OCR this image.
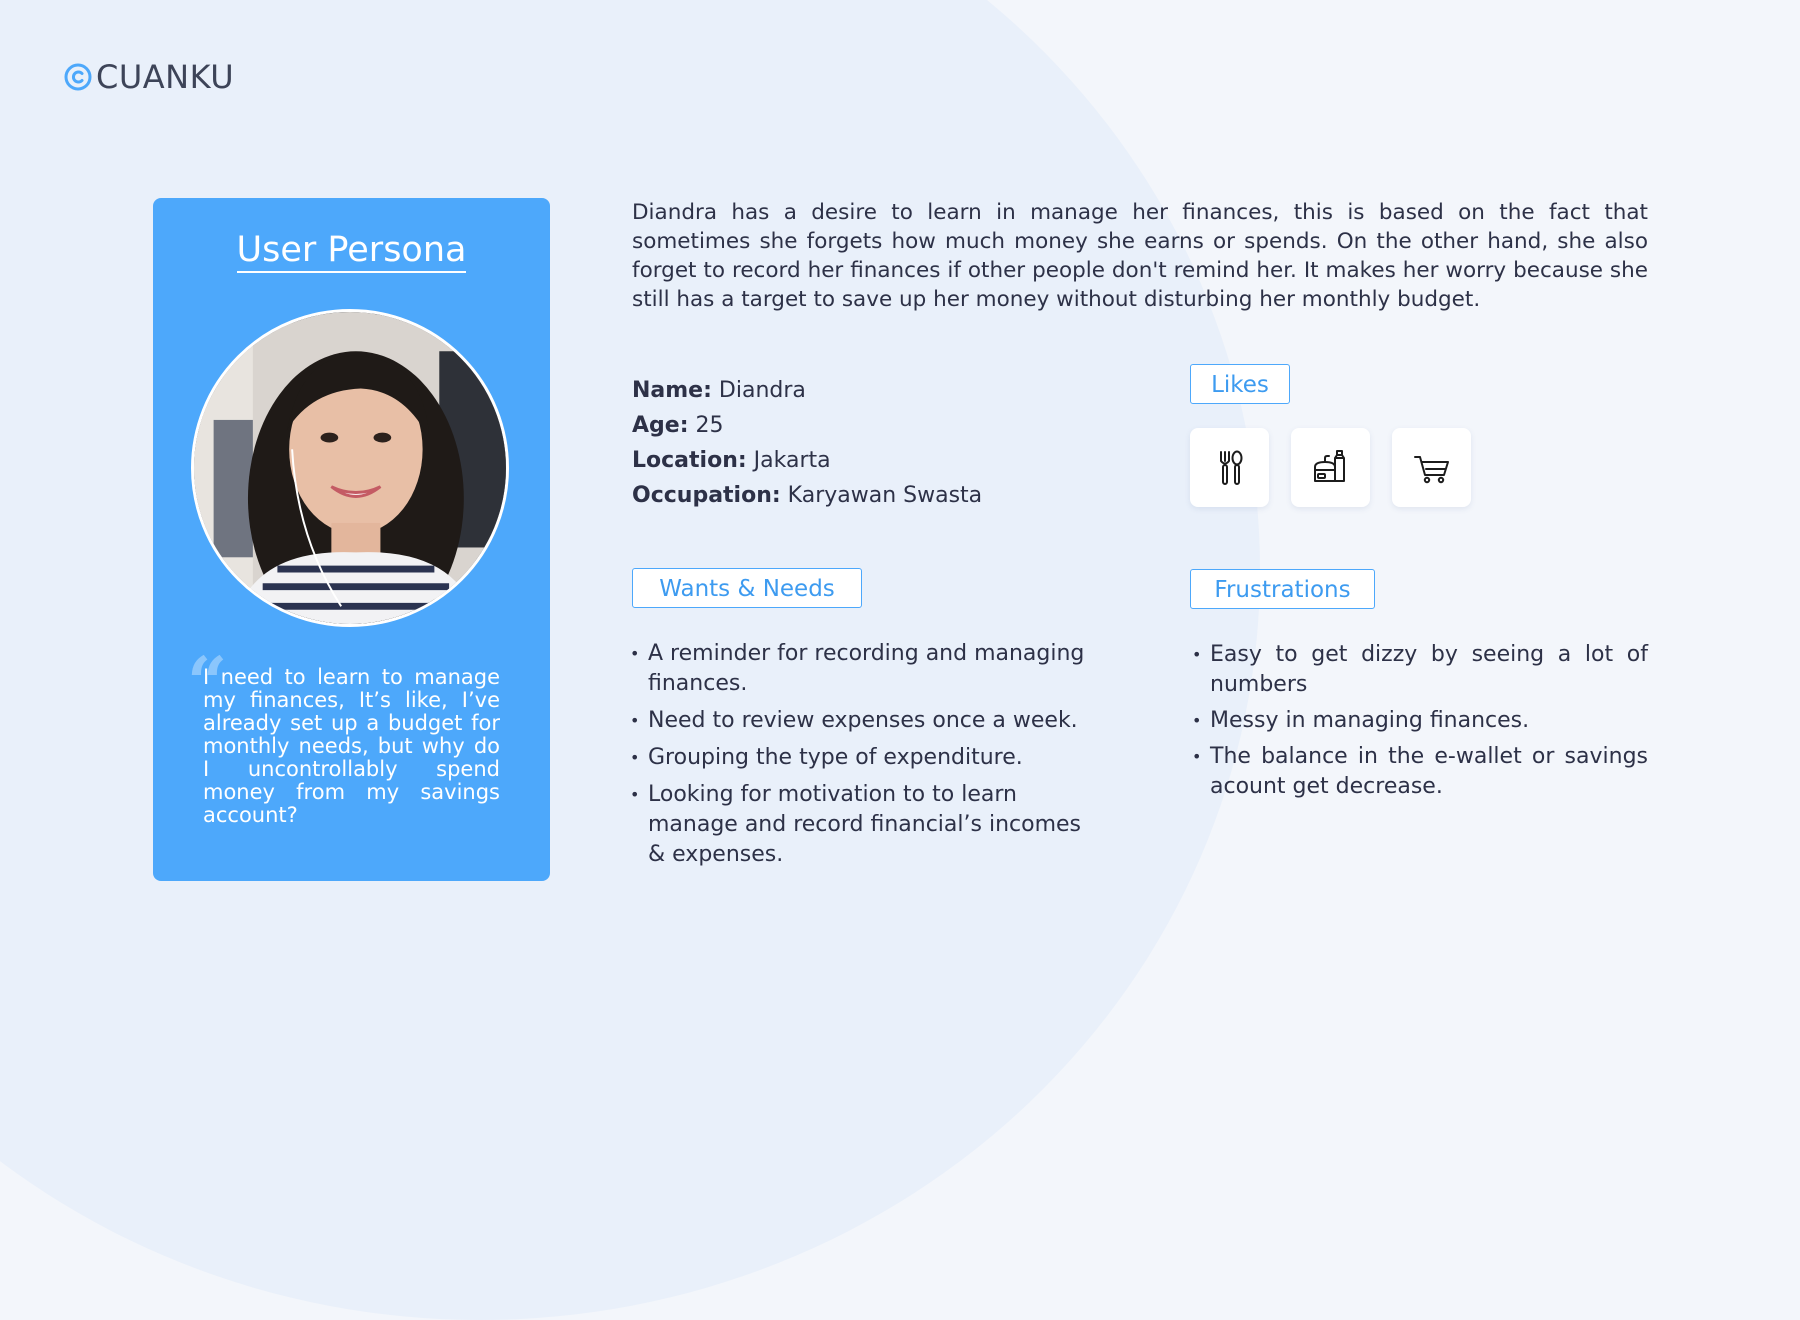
CUANKU
User Persona
“
I need to learn to manage my finances, It’s like, I’ve already set up a budget for monthly needs, but why do I uncontrollably spend money from my savings account?
Diandra has a desire to learn in manage her finances, this is based on the fact that sometimes she forgets how much money she earns or spends. On the other hand, she also forget to record her finances if other people don't remind her. It makes her worry because she still has a target to save up her money without disturbing her monthly budget.
Name: Diandra
Age: 25
Location: Jakarta
Occupation: Karyawan Swasta
Likes
Wants & Needs
• A reminder for recording and managing finances.
• Need to review expenses once a week.
• Grouping the type of expenditure.
• Looking for motivation to to learn manage and record financial’s incomes & expenses.
Frustrations
• Easy to get dizzy by seeing a lot of numbers
• Messy in managing finances.
• The balance in the e-wallet or savings acount get decrease.
